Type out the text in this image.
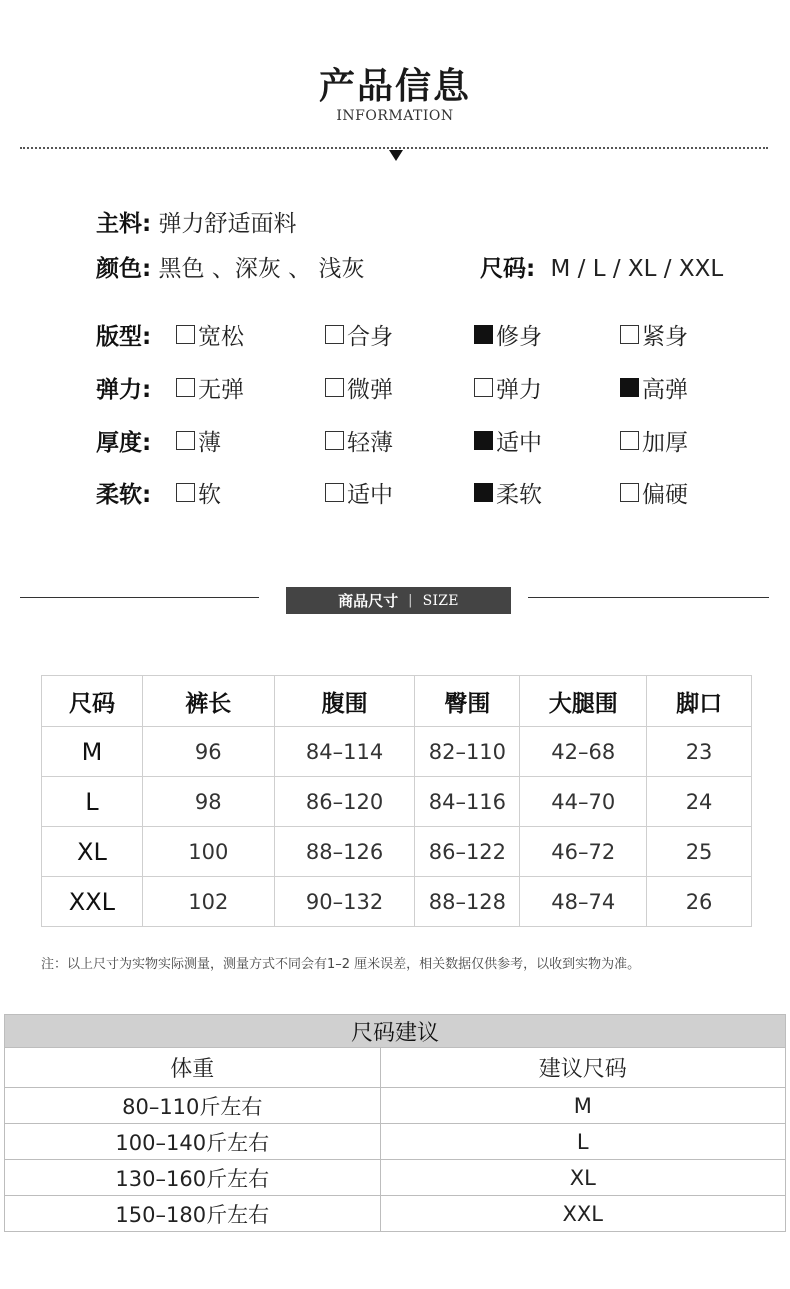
产品信息
INFORMATION
主料: 弹力舒适面料
颜色: 黑色 、深灰 、 浅灰	尺码: M / L / XL / XXL
版型: 宽松	合身	修身	紧身
弹力: 无弹	微弹	弹力	高弹
厚度: 薄	轻薄	适中	加厚
柔软: 软	适中	柔软	偏硬
商品尺寸 | SIZE
尺码	裤长	腹围	臀围	大腿围	脚口
M	96	84–114	82–110	42–68	23
L	98	86–120	84–116	44–70	24
XL	100	88–126	86–122	46–72	25
XXL	102	90–132	88–128	48–74	26
注：以上尺寸为实物实际测量，测量方式不同会有1–2 厘米误差，相关数据仅供参考，以收到实物为准。
尺码建议	
体重	建议尺码
80–110斤左右	M
100–140斤左右	L
130–160斤左右	XL
150–180斤左右	XXL
